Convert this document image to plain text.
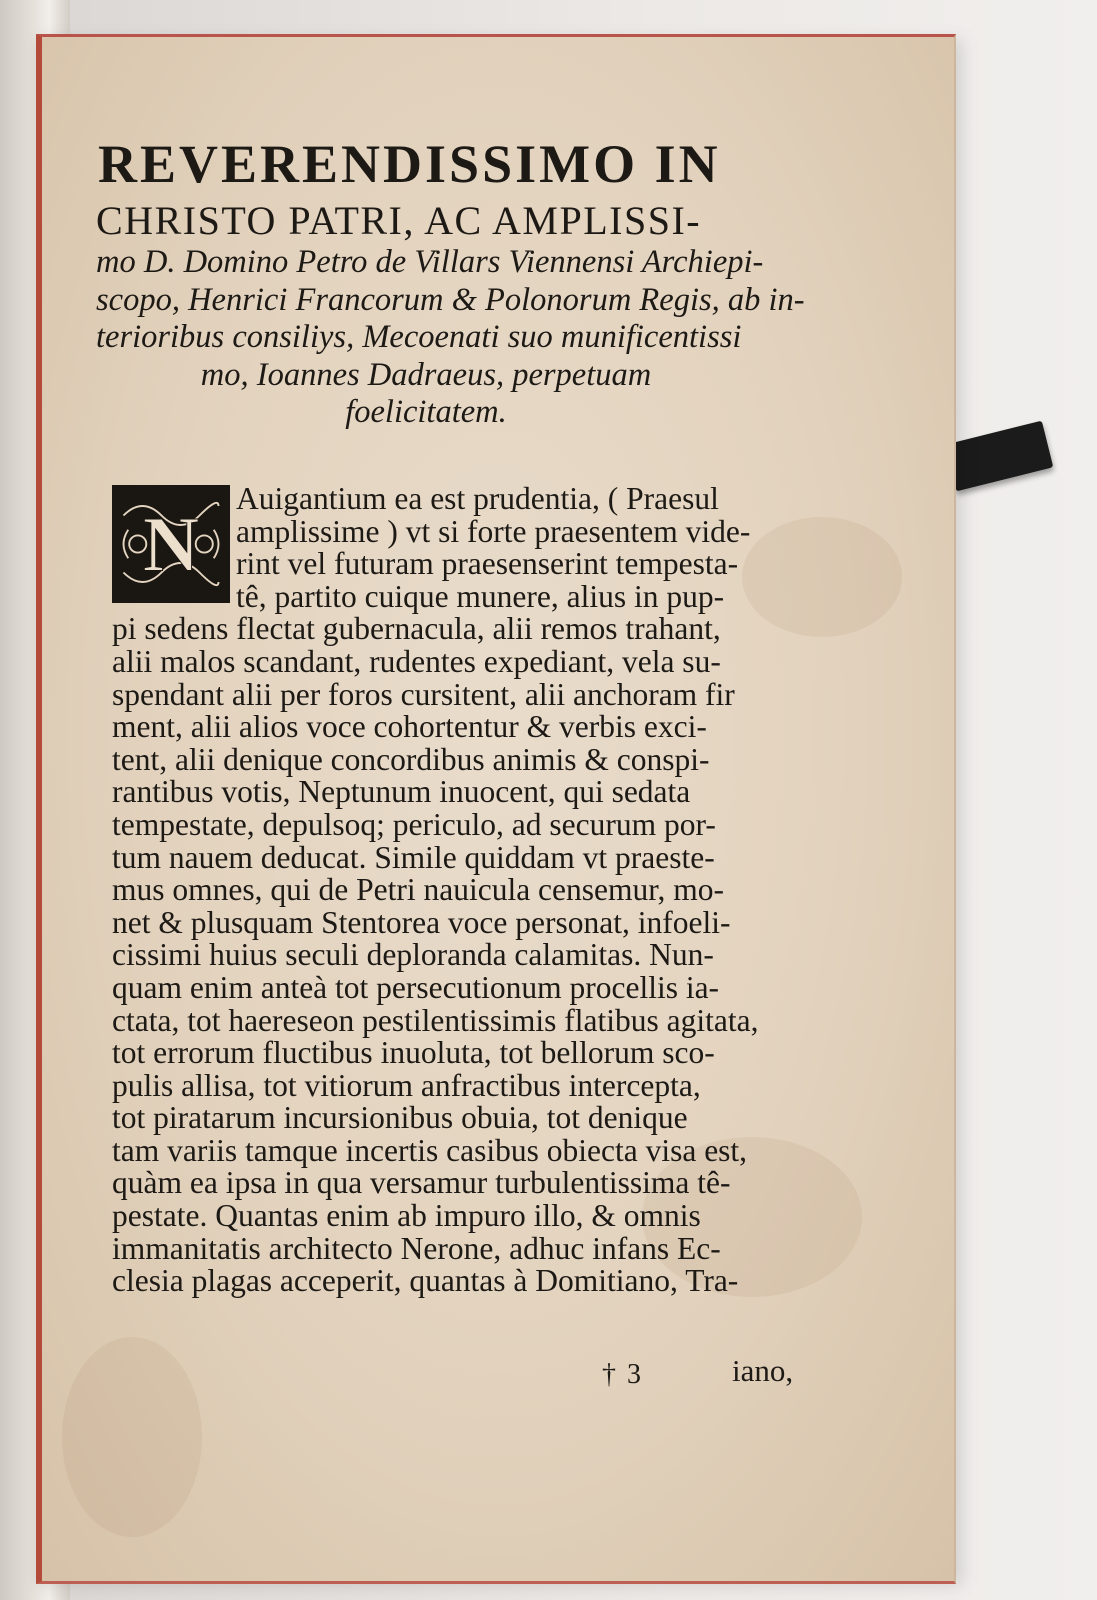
REVERENDISSIMO IN
CHRISTO PATRI, AC AMPLISSI-
mo D. Domino Petro de Villars Viennensi Archiepi-
scopo, Henrici Francorum & Polonorum Regis, ab in-
terioribus consiliys, Mecoenati suo munificentissi
mo, Ioannes Dadraeus, perpetuam
foelicitatem.
N
Auigantium ea est prudentia, ( Praesul
amplissime ) vt si forte praesentem vide-
rint vel futuram praesenserint tempesta-
tê, partito cuique munere, alius in pup-
pi sedens flectat gubernacula, alii remos trahant,
alii malos scandant, rudentes expediant, vela su-
spendant alii per foros cursitent, alii anchoram fir
ment, alii alios voce cohortentur & verbis exci-
tent, alii denique concordibus animis & conspi-
rantibus votis, Neptunum inuocent, qui sedata
tempestate, depulsoq; periculo, ad securum por-
tum nauem deducat. Simile quiddam vt praeste-
mus omnes, qui de Petri nauicula censemur, mo-
net & plusquam Stentorea voce personat, infoeli-
cissimi huius seculi deploranda calamitas. Nun-
quam enim anteà tot persecutionum procellis ia-
ctata, tot haereseon pestilentissimis flatibus agitata,
tot errorum fluctibus inuoluta, tot bellorum sco-
pulis allisa, tot vitiorum anfractibus intercepta,
tot piratarum incursionibus obuia, tot denique
tam variis tamque incertis casibus obiecta visa est,
quàm ea ipsa in qua versamur turbulentissima tê-
pestate. Quantas enim ab impuro illo, & omnis
immanitatis architecto Nerone, adhuc infans Ec-
clesia plagas acceperit, quantas à Domitiano, Tra-
† 3	iano,
